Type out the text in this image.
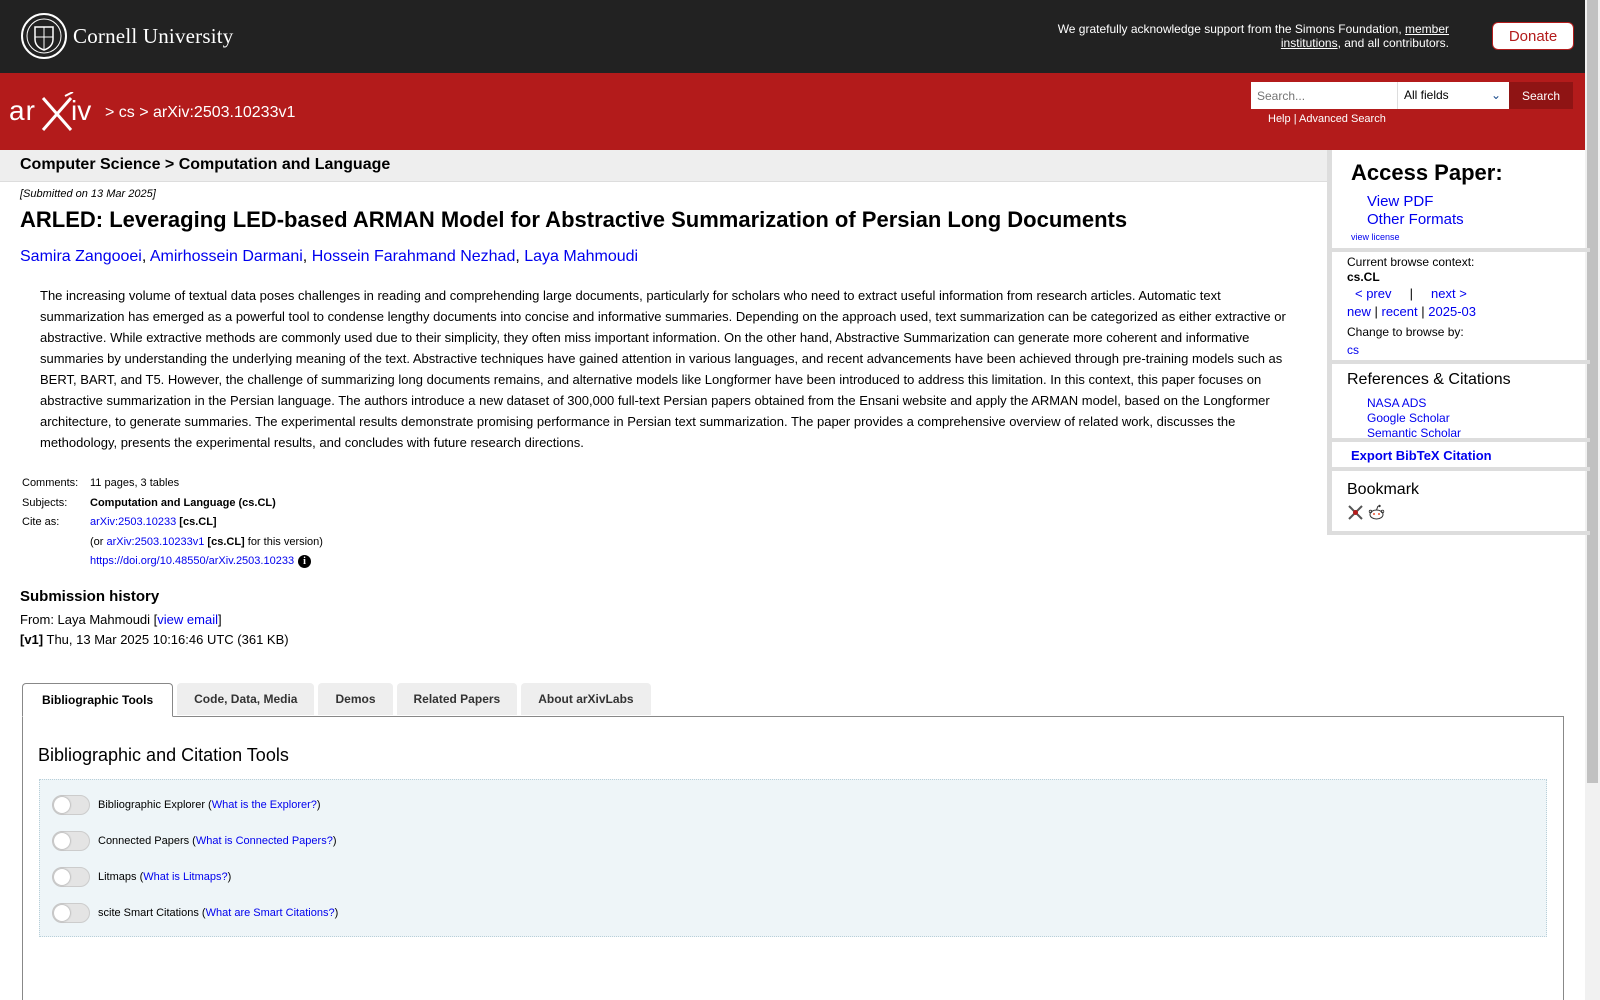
Cornell University	We gratefully acknowledge support from the Simons Foundation, member institutions, and all contributors.	Donate
ar iv > cs > arXiv:2503.10233v1
Search...
All fields	⌄	Search
Help | Advanced Search
Computer Science > Computation and Language
[Submitted on 13 Mar 2025]
ARLED: Leveraging LED-based ARMAN Model for Abstractive Summarization of Persian Long Documents
Samira Zangooei, Amirhossein Darmani, Hossein Farahmand Nezhad, Laya Mahmoudi
The increasing volume of textual data poses challenges in reading and comprehending large documents, particularly for scholars who need to extract useful information from research articles. Automatic text summarization has emerged as a powerful tool to condense lengthy documents into concise and informative summaries. Depending on the approach used, text summarization can be categorized as either extractive or abstractive. While extractive methods are commonly used due to their simplicity, they often miss important information. On the other hand, Abstractive Summarization can generate more coherent and informative summaries by understanding the underlying meaning of the text. Abstractive techniques have gained attention in various languages, and recent advancements have been achieved through pre-training models such as BERT, BART, and T5. However, the challenge of summarizing long documents remains, and alternative models like Longformer have been introduced to address this limitation. In this context, this paper focuses on abstractive summarization in the Persian language. The authors introduce a new dataset of 300,000 full-text Persian papers obtained from the Ensani website and apply the ARMAN model, based on the Longformer architecture, to generate summaries. The experimental results demonstrate promising performance in Persian text summarization. The paper provides a comprehensive overview of related work, discusses the methodology, presents the experimental results, and concludes with future research directions.
Comments:	11 pages, 3 tables
Subjects:	Computation and Language (cs.CL)
Cite as:	arXiv:2503.10233 [cs.CL]
	(or arXiv:2503.10233v1 [cs.CL] for this version)
	https://doi.org/10.48550/arXiv.2503.10233 i
Submission history
From: Laya Mahmoudi [view email]
[v1] Thu, 13 Mar 2025 10:16:46 UTC (361 KB)
Bibliographic Tools	Code, Data, Media	Demos	Related Papers	About arXivLabs
Bibliographic and Citation Tools
Bibliographic Explorer ( What is the Explorer? )
Connected Papers ( What is Connected Papers? )
Litmaps ( What is Litmaps? )
scite Smart Citations ( What are Smart Citations? )
Access Paper:
View PDF
Other Formats
view license
Current browse context:
cs.CL
< prev | next >
new | recent | 2025-03
Change to browse by:
cs
References & Citations
NASA ADS
Google Scholar
Semantic Scholar
Export BibTeX Citation
Bookmark
